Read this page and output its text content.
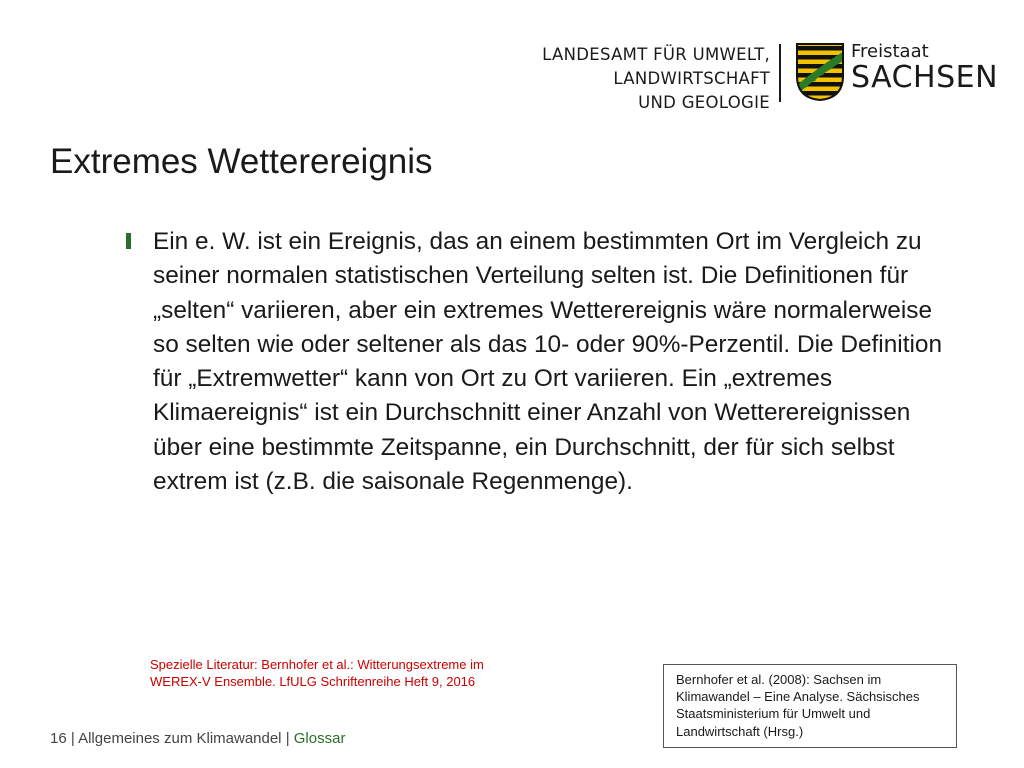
LANDESAMT FÜR UMWELT,
LANDWIRTSCHAFT
UND GEOLOGIE
Freistaat
SACHSEN
Extremes Wetterereignis

Ein e. W. ist ein Ereignis, das an einem bestimmten Ort im Vergleich zu seiner normalen statistischen Verteilung selten ist. Die Definitionen für „selten“ variieren, aber ein extremes Wetterereignis wäre normalerweise so selten wie oder seltener als das 10- oder 90%-Perzentil. Die Definition für „Extremwetter“ kann von Ort zu Ort variieren. Ein „extremes Klimaereignis“ ist ein Durchschnitt einer Anzahl von Wetterereignissen über eine bestimmte Zeitspanne, ein Durchschnitt, der für sich selbst extrem ist (z.B. die saisonale Regenmenge).

Spezielle Literatur: Bernhofer et al.: Witterungsextreme im
WEREX-V Ensemble. LfULG Schriftenreihe Heft 9, 2016	Bernhofer et al. (2008): Sachsen im Klimawandel – Eine Analyse. Sächsisches Staatsministerium für Umwelt und Landwirtschaft (Hrsg.)
16 | Allgemeines zum Klimawandel | Glossar
